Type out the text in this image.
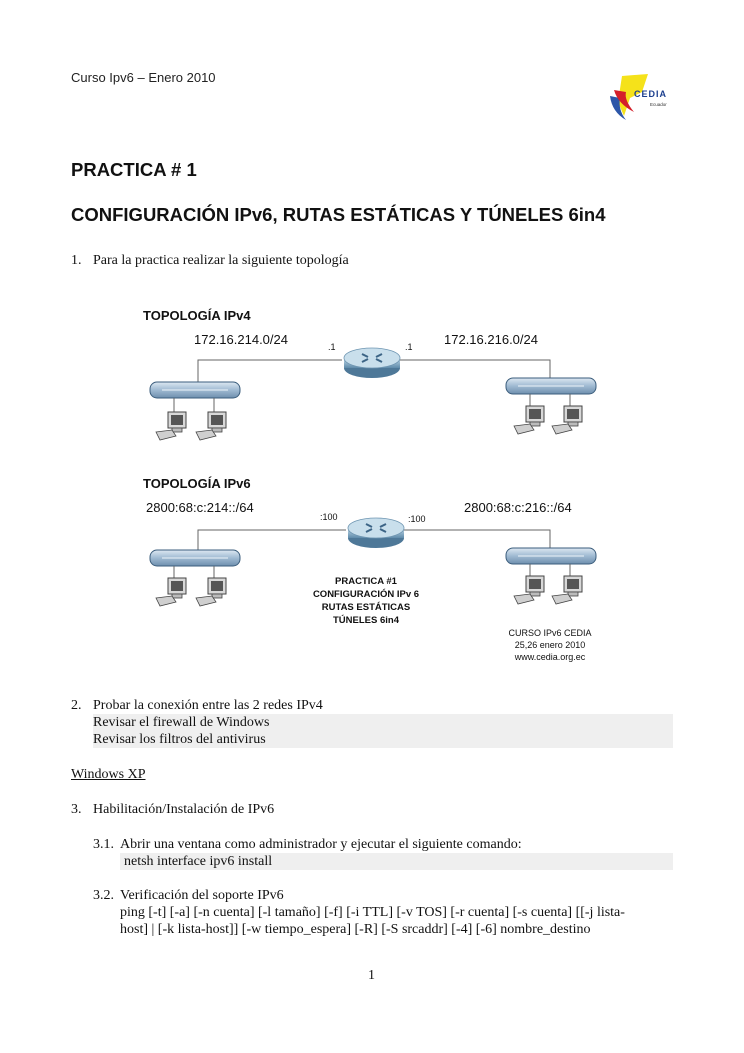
Curso Ipv6 – Enero 2010
CEDIA
Ecuador
PRACTICA # 1
CONFIGURACIÓN IPv6, RUTAS ESTÁTICAS Y TÚNELES 6in4
1. Para la practica realizar la siguiente topología
TOPOLOGÍA IPv4
172.16.214.0/24	172.16.216.0/24
.1	.1
TOPOLOGÍA IPv6
2800:68:c:214::/64	2800:68:c:216::/64
:100	:100
PRACTICA #1
CONFIGURACIÓN IPv 6
RUTAS ESTÁTICAS
TÚNELES 6in4
CURSO IPv6 CEDIA
25,26 enero 2010
www.cedia.org.ec
2. Probar la conexión entre las 2 redes IPv4
Revisar el firewall de Windows
Revisar los filtros del antivirus
Windows XP
3. Habilitación/Instalación de IPv6
3.1. Abrir una ventana como administrador y ejecutar el siguiente comando:
netsh interface ipv6 install
3.2. Verificación del soporte IPv6
ping [-t] [-a] [-n cuenta] [-l tamaño] [-f] [-i TTL] [-v TOS] [-r cuenta] [-s cuenta] [[-j lista-
host] | [-k lista-host]] [-w tiempo_espera] [-R] [-S srcaddr] [-4] [-6] nombre_destino
1
